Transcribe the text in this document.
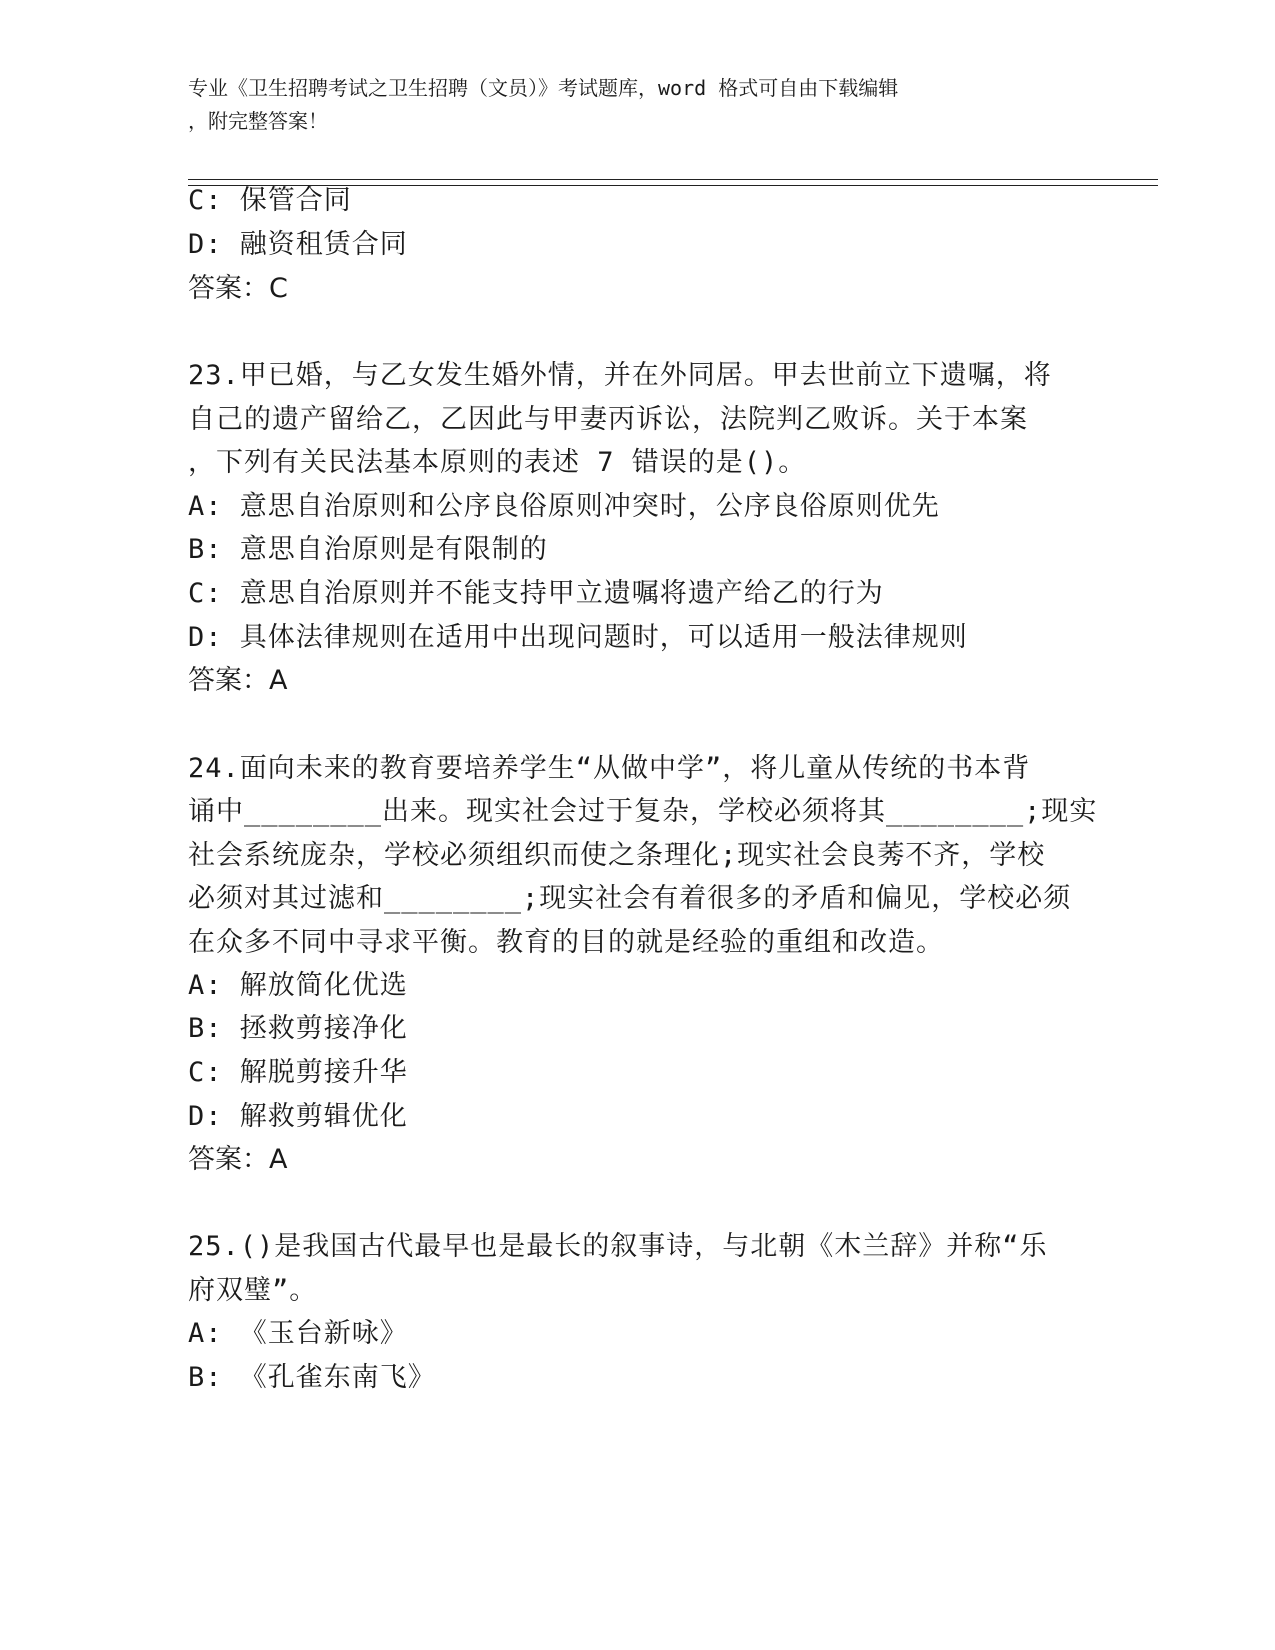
专业《卫生招聘考试之卫生招聘（文员）》考试题库，word 格式可自由下载编辑
，附完整答案！
C: 保管合同
D: 融资租赁合同
答案：C
23.甲已婚，与乙女发生婚外情，并在外同居。甲去世前立下遗嘱，将
自己的遗产留给乙，乙因此与甲妻丙诉讼，法院判乙败诉。关于本案
，下列有关民法基本原则的表述 7 错误的是()。
A: 意思自治原则和公序良俗原则冲突时，公序良俗原则优先
B: 意思自治原则是有限制的
C: 意思自治原则并不能支持甲立遗嘱将遗产给乙的行为
D: 具体法律规则在适用中出现问题时，可以适用一般法律规则
答案：A
24.面向未来的教育要培养学生“从做中学”，将儿童从传统的书本背
诵中________出来。现实社会过于复杂，学校必须将其________;现实
社会系统庞杂，学校必须组织而使之条理化;现实社会良莠不齐，学校
必须对其过滤和________;现实社会有着很多的矛盾和偏见，学校必须
在众多不同中寻求平衡。教育的目的就是经验的重组和改造。
A: 解放简化优选
B: 拯救剪接净化
C: 解脱剪接升华
D: 解救剪辑优化
答案：A
25.()是我国古代最早也是最长的叙事诗，与北朝《木兰辞》并称“乐
府双璧”。
A: 《玉台新咏》
B: 《孔雀东南飞》
